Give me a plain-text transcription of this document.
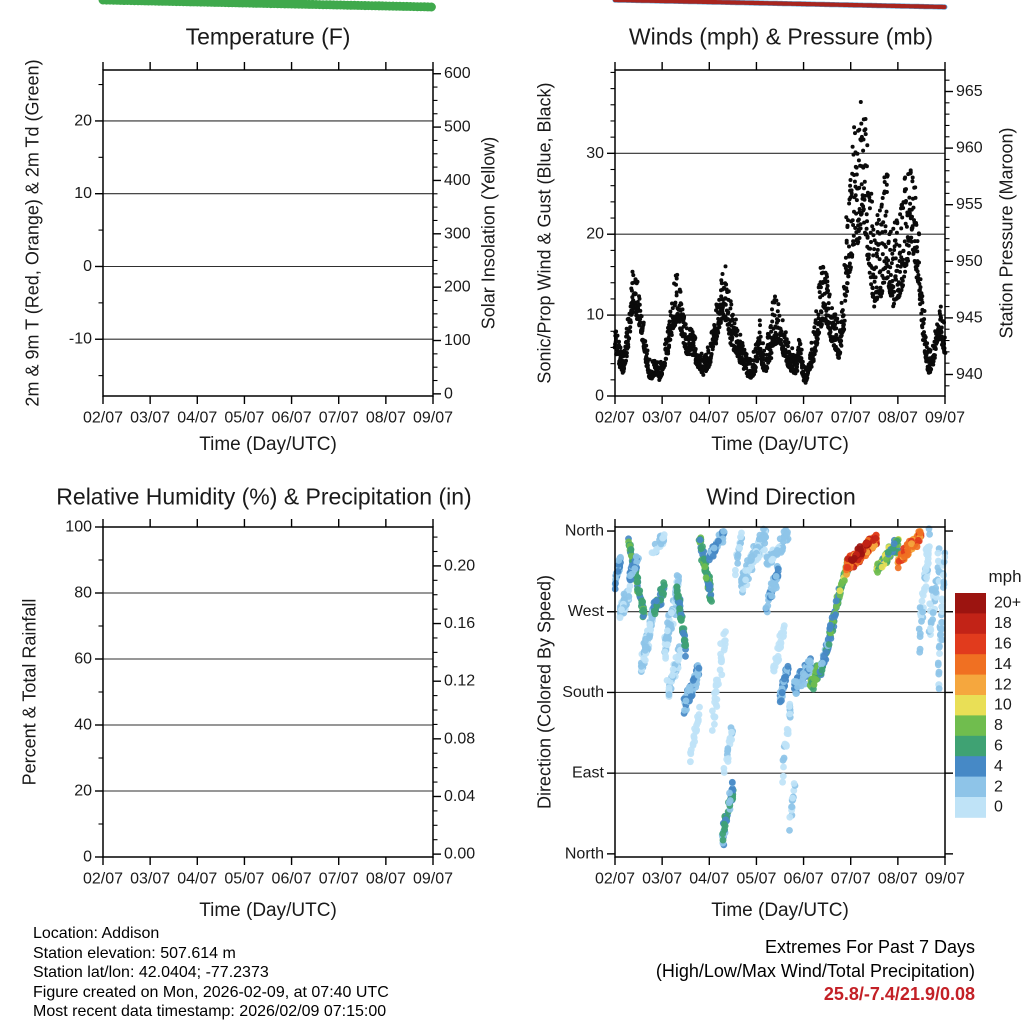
20+
18
16
14
12
10
8
6
4
2
0
02/07 03/07 04/07 05/07 06/07 07/07 08/07 09/07
-10
0
10
20
0
100
200
300
400
500
600
02/07 03/07 04/07 05/07 06/07 07/07 08/07 09/07
0
10
20
30
940
945
950
955
960
965
02/07 03/07 04/07 05/07 06/07 07/07 08/07 09/07
0
20
40
60
80
100
0.00
0.04
0.08
0.12
0.16
0.20
02/07 03/07 04/07 05/07 06/07 07/07 08/07 09/07
North
West
South
East
North
Temperature (F)	Winds (mph) & Pressure (mb)
Relative Humidity (%) & Precipitation (in)	Wind Direction
Time (Day/UTC)	Time (Day/UTC)
Time (Day/UTC)	Time (Day/UTC)
2m & 9m T (Red, Orange) & 2m Td (Green)	Solar Insolation (Yellow) Sonic/Prop Wind & Gust (Blue, Black)	Station Pressure (Maroon)
Percent & Total Rainfall	Direction (Colored By Speed)	mph
Location: Addison
Station elevation: 507.614 m
Station lat/lon: 42.0404; -77.2373
Figure created on Mon, 2026-02-09, at 07:40 UTC
Most recent data timestamp: 2026/02/09 07:15:00
Extremes For Past 7 Days
(High/Low/Max Wind/Total Precipitation)
25.8/-7.4/21.9/0.08
